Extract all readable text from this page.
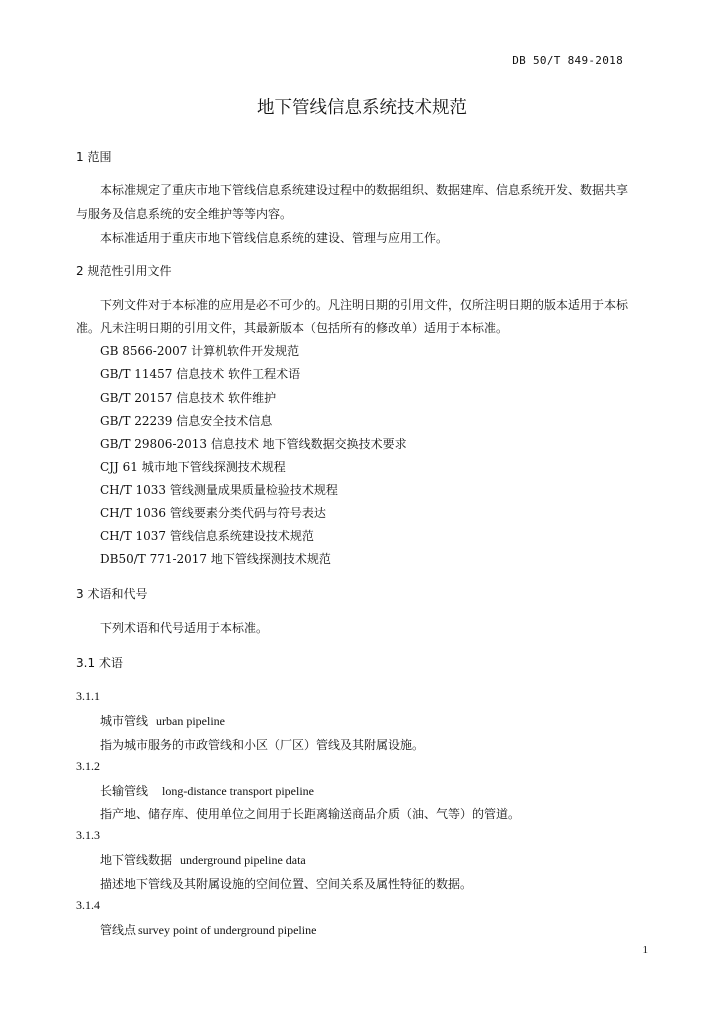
DB 50/T 849-2018
地下管线信息系统技术规范
1 范围
本标准规定了重庆市地下管线信息系统建设过程中的数据组织、数据建库、信息系统开发、数据共享
与服务及信息系统的安全维护等等内容。
本标准适用于重庆市地下管线信息系统的建设、管理与应用工作。
2 规范性引用文件
下列文件对于本标准的应用是必不可少的。凡注明日期的引用文件，仅所注明日期的版本适用于本标
准。凡未注明日期的引用文件，其最新版本（包括所有的修改单）适用于本标准。
GB 8566-2007 计算机软件开发规范
GB/T 11457 信息技术 软件工程术语
GB/T 20157 信息技术 软件维护
GB/T 22239 信息安全技术信息
GB/T 29806-2013 信息技术 地下管线数据交换技术要求
CJJ 61 城市地下管线探测技术规程
CH/T 1033 管线测量成果质量检验技术规程
CH/T 1036 管线要素分类代码与符号表达
CH/T 1037 管线信息系统建设技术规范
DB50/T 771-2017 地下管线探测技术规范
3 术语和代号
下列术语和代号适用于本标准。
3.1 术语
3.1.1
城市管线 urban pipeline
指为城市服务的市政管线和小区（厂区）管线及其附属设施。
3.1.2
长输管线 long-distance transport pipeline
指产地、储存库、使用单位之间用于长距离输送商品介质（油、气等）的管道。
3.1.3
地下管线数据 underground pipeline data
描述地下管线及其附属设施的空间位置、空间关系及属性特征的数据。
3.1.4
管线点 survey point of underground pipeline
1
